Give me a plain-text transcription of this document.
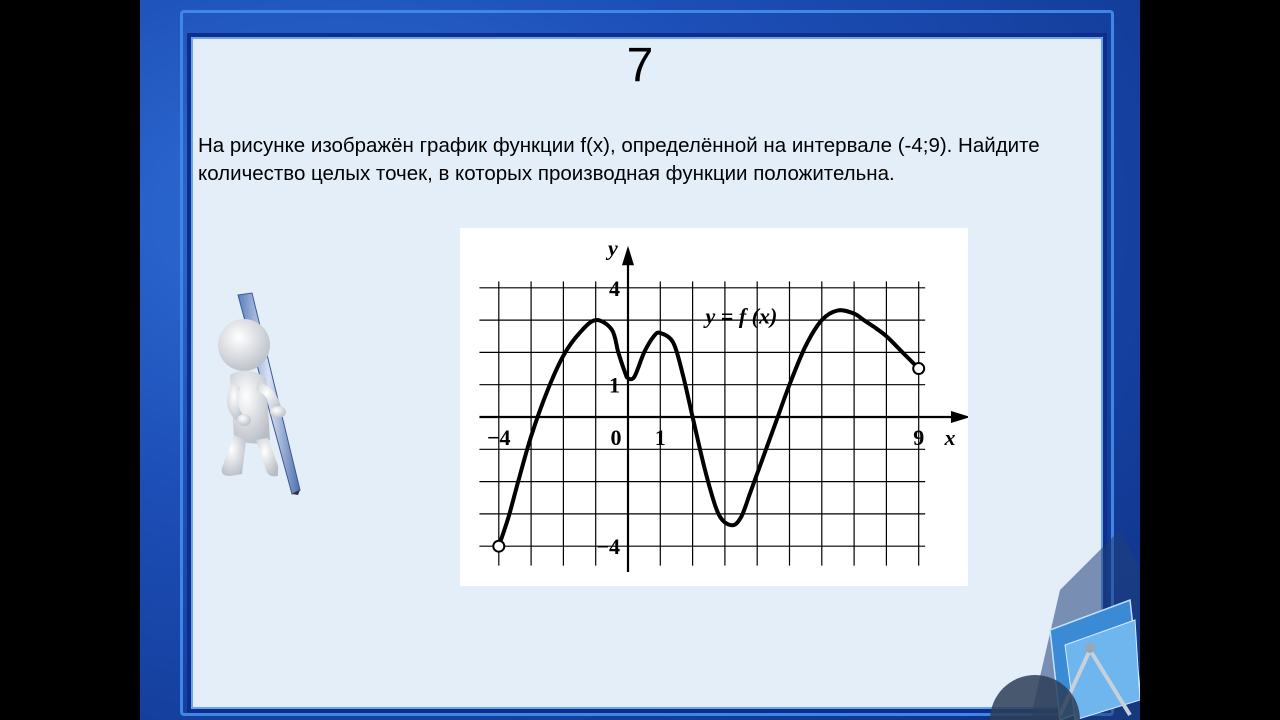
7
На рисунке изображён график функции f(x), определённой на интервале (-4;9). Найдите количество целых точек, в которых производная функции положительна.
y
x
−4	0 1	9
4
1
−4
y = f (x)
